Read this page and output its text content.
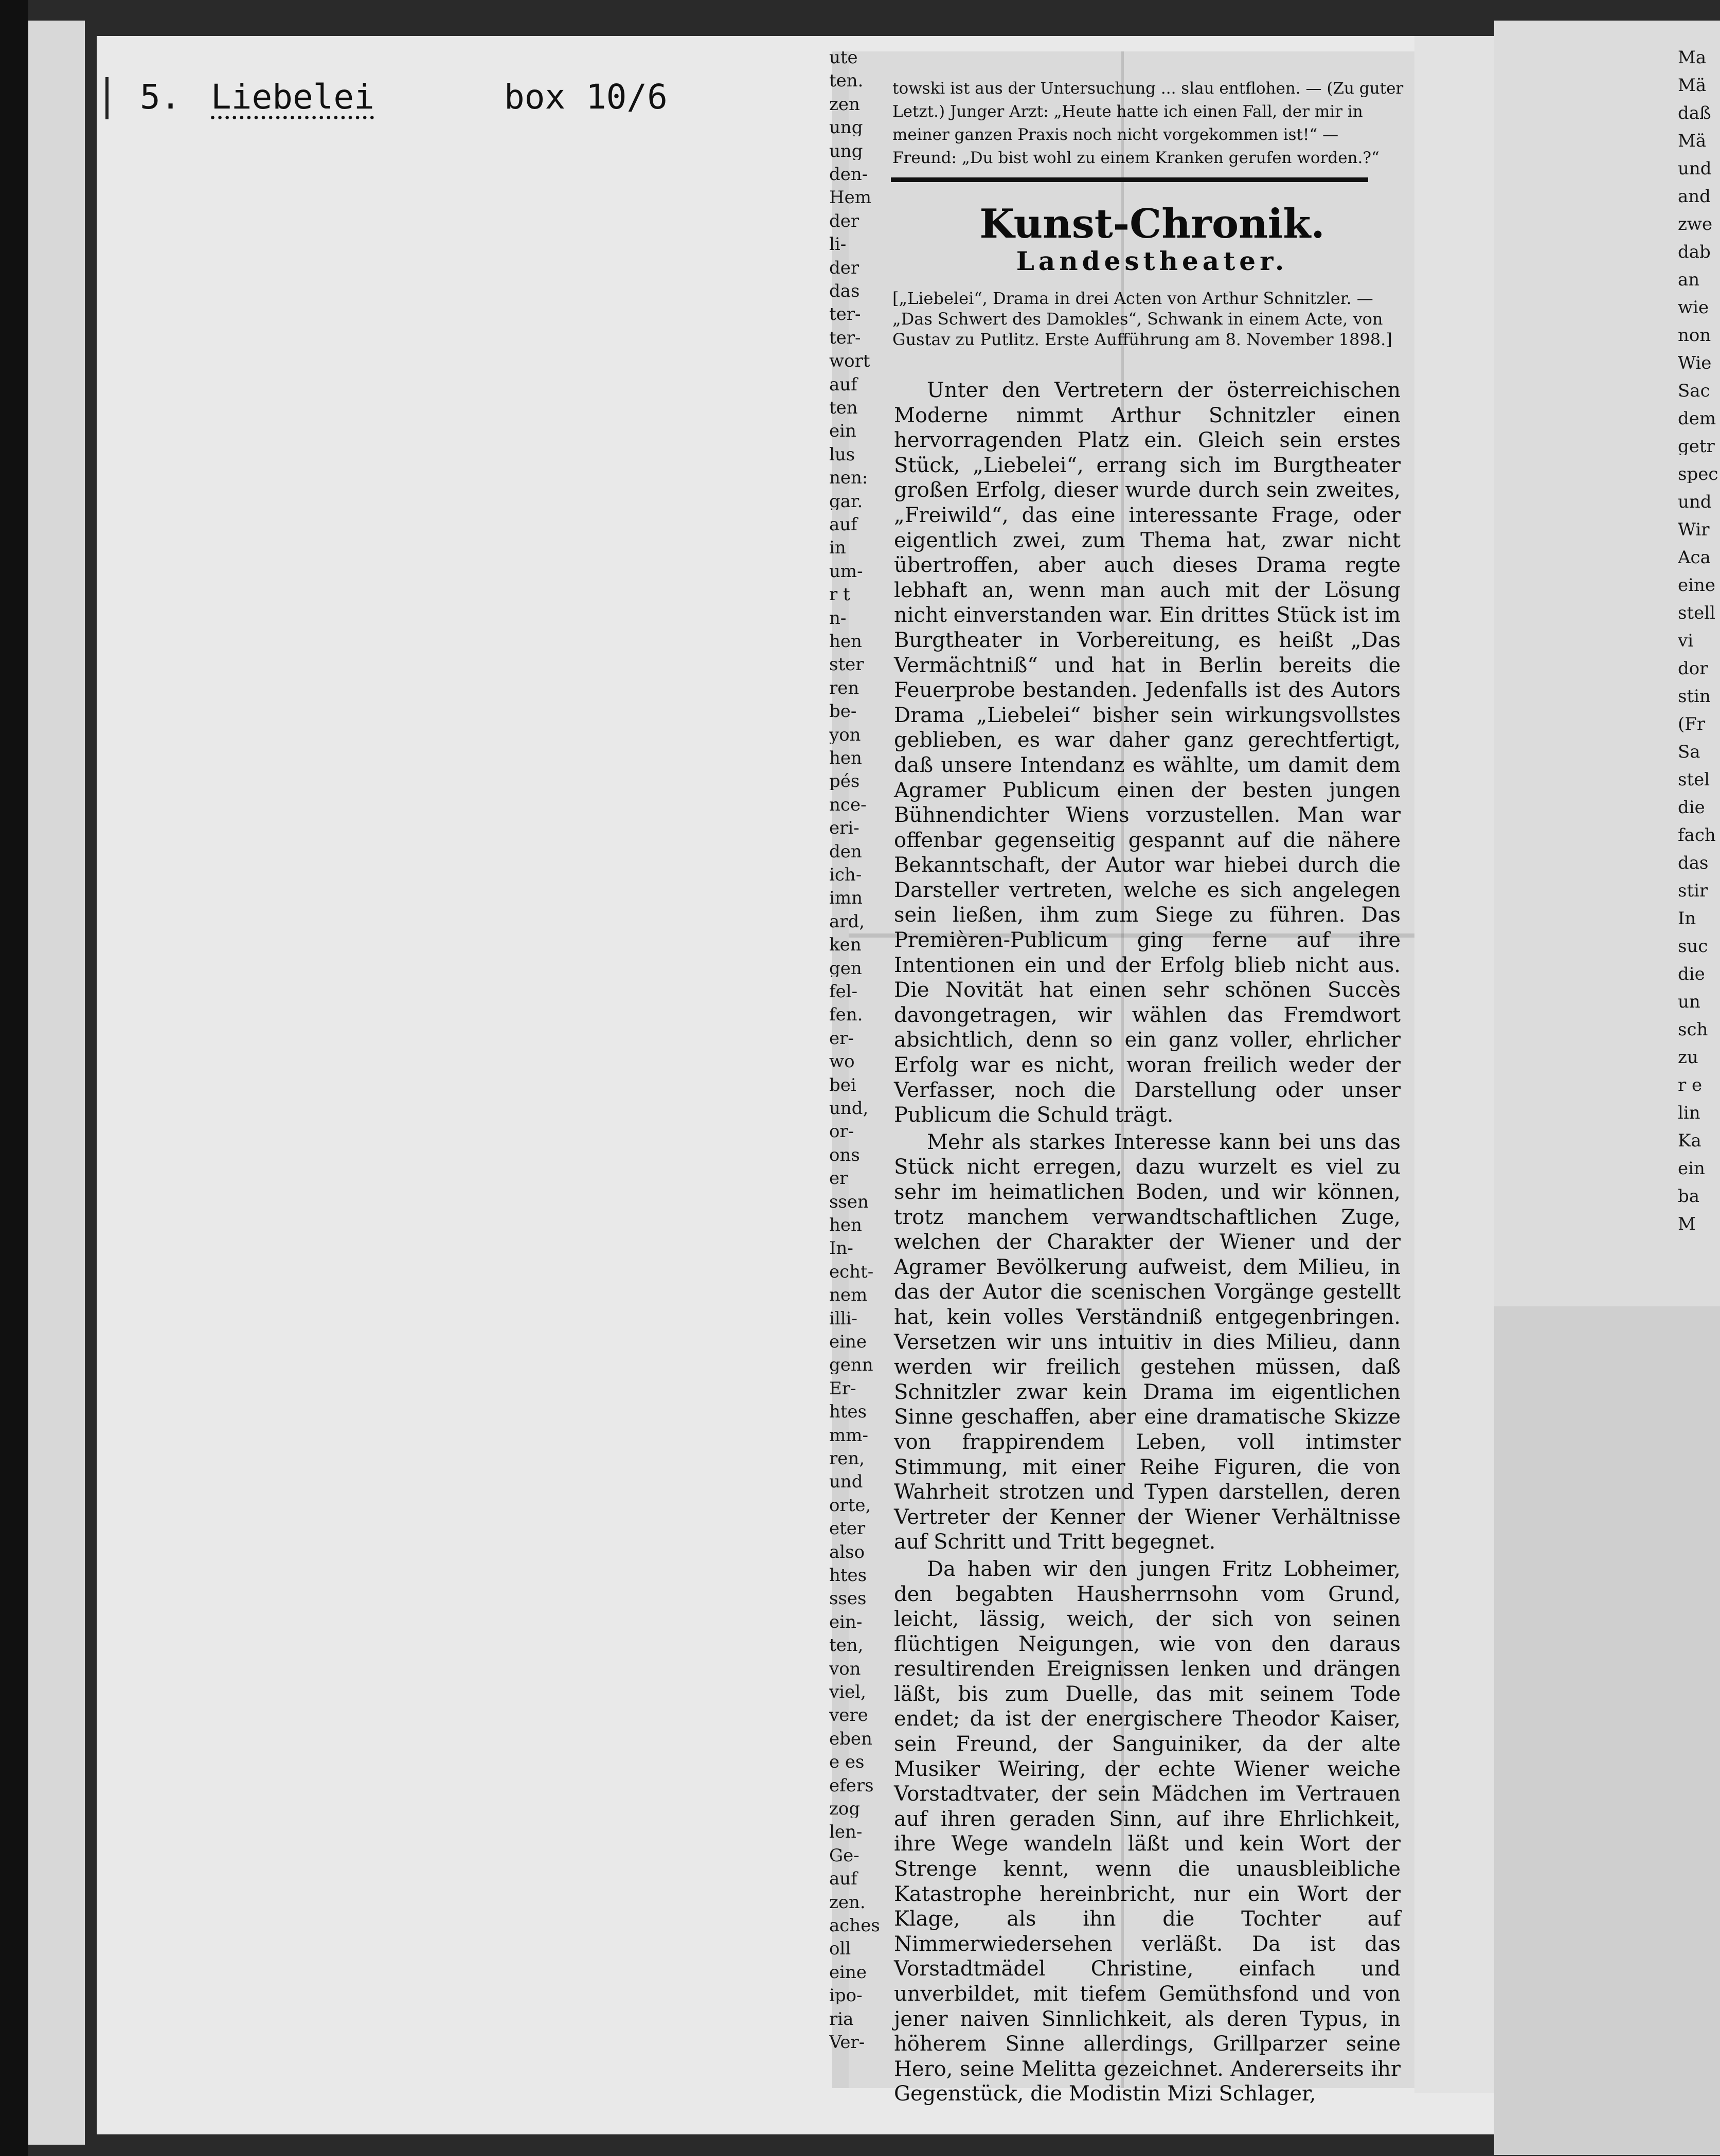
5. Liebelei	box 10/6
ute
ten.
zen
ung
ung
den-
Hem
der
li-
der
das
ter-
ter-
wort
auf
ten
ein
lus
nen:
gar.
auf
in
um-
r t
n-
hen
ster
ren
be-
yon
hen
pés
nce-
eri-
den
ich-
imn
ard,
ken
gen
fel-
fen.
er-
wo
bei
und,
or-
ons
er
ssen
hen
In-
echt-
nem
illi-
eine
genn
Er-
htes
mm-
ren,
und
orte,
eter
also
htes
sses
ein-
ten,
von
viel,
vere
eben
e es
efers
zog
len-
Ge-
auf
zen.
aches
oll
eine
ipo-
ria
Ver-
Ma
Mä
daß
Mä
und
and
zwe
dab
an
wie
non
Wie
Sac
dem
getr
spec
und
Wir
Aca
eine
stell
vi
dor
stin
(Fr
Sa
stel
die
fach
das
stir
In
suc
die
un
sch
zu
r e
lin
Ka
ein
ba
M
towski ist aus der Untersuchung ... slau entflohen. — (Zu guter Letzt.) Junger Arzt: „Heute hatte ich einen Fall, der mir in meiner ganzen Praxis noch nicht vorgekommen ist!“ — Freund: „Du bist wohl zu einem Kranken gerufen worden.?“
Kunst-Chronik.
Landestheater.
[„Liebelei“, Drama in drei Acten von Arthur Schnitzler. — „Das Schwert des Damokles“, Schwank in einem Acte, von Gustav zu Putlitz. Erste Aufführung am 8. November 1898.]

Unter den Vertretern der österreichischen Moderne nimmt Arthur Schnitzler einen hervorragenden Platz ein. Gleich sein erstes Stück, „Liebelei“, errang sich im Burgtheater großen Erfolg, dieser wurde durch sein zweites, „Freiwild“, das eine interessante Frage, oder eigentlich zwei, zum Thema hat, zwar nicht übertroffen, aber auch dieses Drama regte lebhaft an, wenn man auch mit der Lösung nicht einverstanden war. Ein drittes Stück ist im Burgtheater in Vorbereitung, es heißt „Das Vermächtniß“ und hat in Berlin bereits die Feuerprobe bestanden. Jedenfalls ist des Autors Drama „Liebelei“ bisher sein wirkungsvollstes geblieben, es war daher ganz gerechtfertigt, daß unsere Intendanz es wählte, um damit dem Agramer Publicum einen der besten jungen Bühnendichter Wiens vorzustellen. Man war offenbar gegenseitig gespannt auf die nähere Bekanntschaft, der Autor war hiebei durch die Darsteller vertreten, welche es sich angelegen sein ließen, ihm zum Siege zu führen. Das Premièren-Publicum ging ferne auf ihre Intentionen ein und der Erfolg blieb nicht aus. Die Novität hat einen sehr schönen Succès davongetragen, wir wählen das Fremdwort absichtlich, denn so ein ganz voller, ehrlicher Erfolg war es nicht, woran freilich weder der Verfasser, noch die Darstellung oder unser Publicum die Schuld trägt.

Mehr als starkes Interesse kann bei uns das Stück nicht erregen, dazu wurzelt es viel zu sehr im heimatlichen Boden, und wir können, trotz manchem verwandtschaftlichen Zuge, welchen der Charakter der Wiener und der Agramer Bevölkerung aufweist, dem Milieu, in das der Autor die scenischen Vorgänge gestellt hat, kein volles Verständniß entgegenbringen. Versetzen wir uns intuitiv in dies Milieu, dann werden wir freilich gestehen müssen, daß Schnitzler zwar kein Drama im eigentlichen Sinne geschaffen, aber eine dramatische Skizze von frappirendem Leben, voll intimster Stimmung, mit einer Reihe Figuren, die von Wahrheit strotzen und Typen darstellen, deren Vertreter der Kenner der Wiener Verhältnisse auf Schritt und Tritt begegnet.

Da haben wir den jungen Fritz Lobheimer, den begabten Hausherrnsohn vom Grund, leicht, lässig, weich, der sich von seinen flüchtigen Neigungen, wie von den daraus resultirenden Ereignissen lenken und drängen läßt, bis zum Duelle, das mit seinem Tode endet; da ist der energischere Theodor Kaiser, sein Freund, der Sanguiniker, da der alte Musiker Weiring, der echte Wiener weiche Vorstadtvater, der sein Mädchen im Vertrauen auf ihren geraden Sinn, auf ihre Ehrlichkeit, ihre Wege wandeln läßt und kein Wort der Strenge kennt, wenn die unausbleibliche Katastrophe hereinbricht, nur ein Wort der Klage, als ihn die Tochter auf Nimmerwiedersehen verläßt. Da ist das Vorstadtmädel Christine, einfach und unverbildet, mit tiefem Gemüthsfond und von jener naiven Sinnlichkeit, als deren Typus, in höherem Sinne allerdings, Grillparzer seine Hero, seine Melitta gezeichnet. Andererseits ihr Gegenstück, die Modistin Mizi Schlager,
